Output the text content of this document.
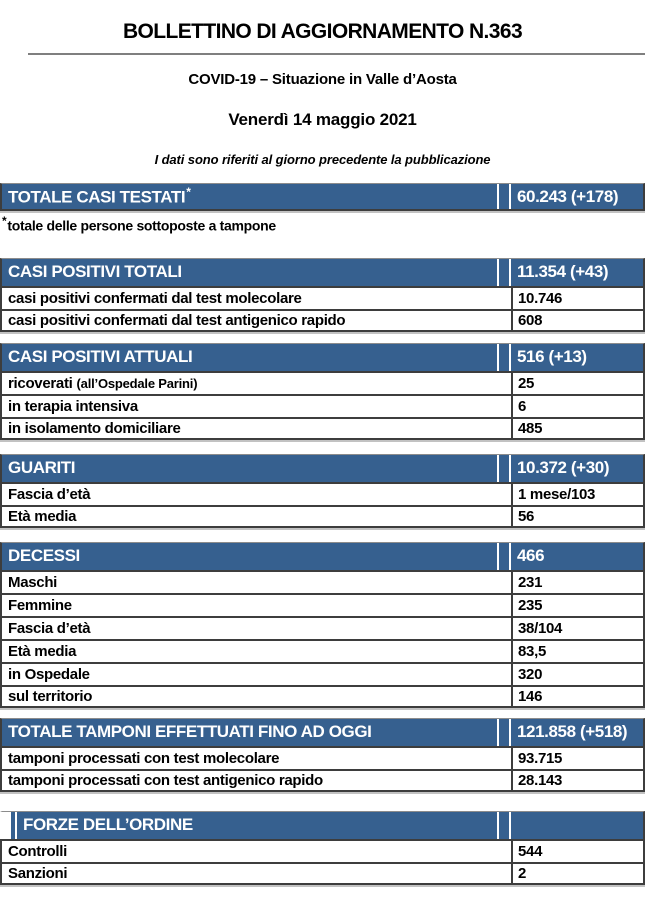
BOLLETTINO DI AGGIORNAMENTO N.363
COVID-19 – Situazione in Valle d’Aosta
Venerdì 14 maggio 2021

I dati sono riferiti al giorno precedente la pubblicazione

TOTALE CASI TESTATI*	60.243 (+178)

*totale delle persone sottoposte a tampone

CASI POSITIVI TOTALI	11.354 (+43)
casi positivi confermati dal test molecolare	10.746
casi positivi confermati dal test antigenico rapido	608
CASI POSITIVI ATTUALI	516 (+13)
ricoverati (all’Ospedale Parini)	25
in terapia intensiva	6
in isolamento domiciliare	485
GUARITI	10.372 (+30)
Fascia d’età	1 mese/103
Età media	56
DECESSI	466
Maschi	231
Femmine	235
Fascia d’età	38/104
Età media	83,5
in Ospedale	320
sul territorio	146
TOTALE TAMPONI EFFETTUATI FINO AD OGGI	121.858 (+518)
tamponi processati con test molecolare	93.715
tamponi processati con test antigenico rapido	28.143
FORZE DELL’ORDINE
Controlli	544
Sanzioni	2
